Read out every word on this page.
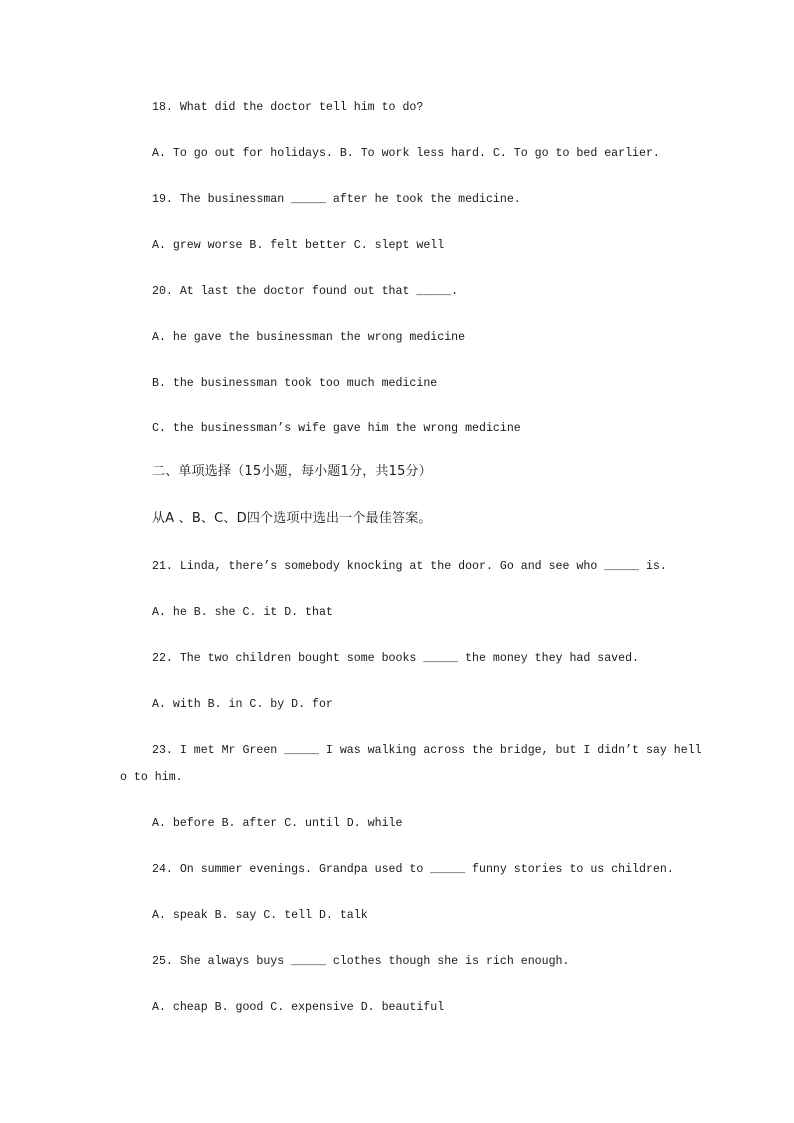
18. What did the doctor tell him to do?
A. To go out for holidays. B. To work less hard. C. To go to bed earlier.
19. The businessman _____ after he took the medicine.
A. grew worse B. felt better C. slept well
20. At last the doctor found out that _____.
A. he gave the businessman the wrong medicine
B. the businessman took too much medicine
C. the businessman’s wife gave him the wrong medicine
二、单项选择（15小题，每小题1分，共15分）
从A 、B、C、D四个选项中选出一个最佳答案。
21. Linda, there’s somebody knocking at the door. Go and see who _____ is.
A. he B. she C. it D. that
22. The two children bought some books _____ the money they had saved.
A. with B. in C. by D. for
23. I met Mr Green _____ I was walking across the bridge, but I didn’t say hell
o to him.
A. before B. after C. until D. while
24. On summer evenings. Grandpa used to _____ funny stories to us children.
A. speak B. say C. tell D. talk
25. She always buys _____ clothes though she is rich enough.
A. cheap B. good C. expensive D. beautiful
